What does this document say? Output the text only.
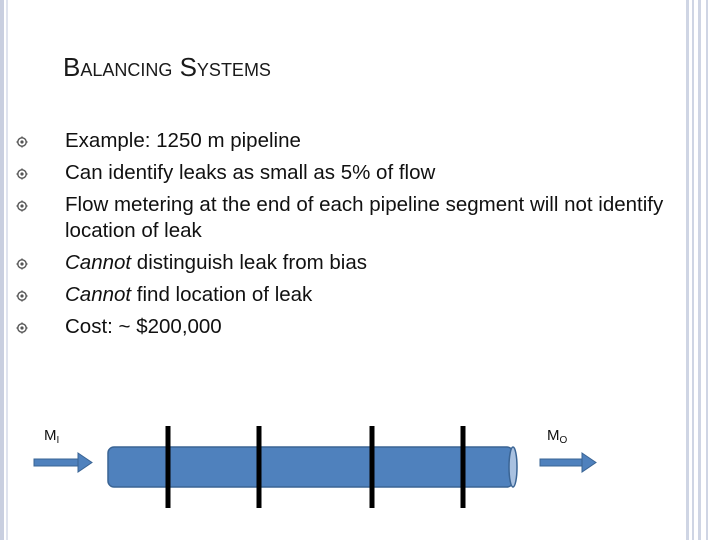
Balancing Systems
Example: 1250 m pipeline
Can identify leaks as small as 5% of flow
Flow metering at the end of each pipeline segment will not identify location of leak
Cannot distinguish leak from bias
Cannot find location of leak
Cost: ~ $200,000
$M_I$	$M_O$
